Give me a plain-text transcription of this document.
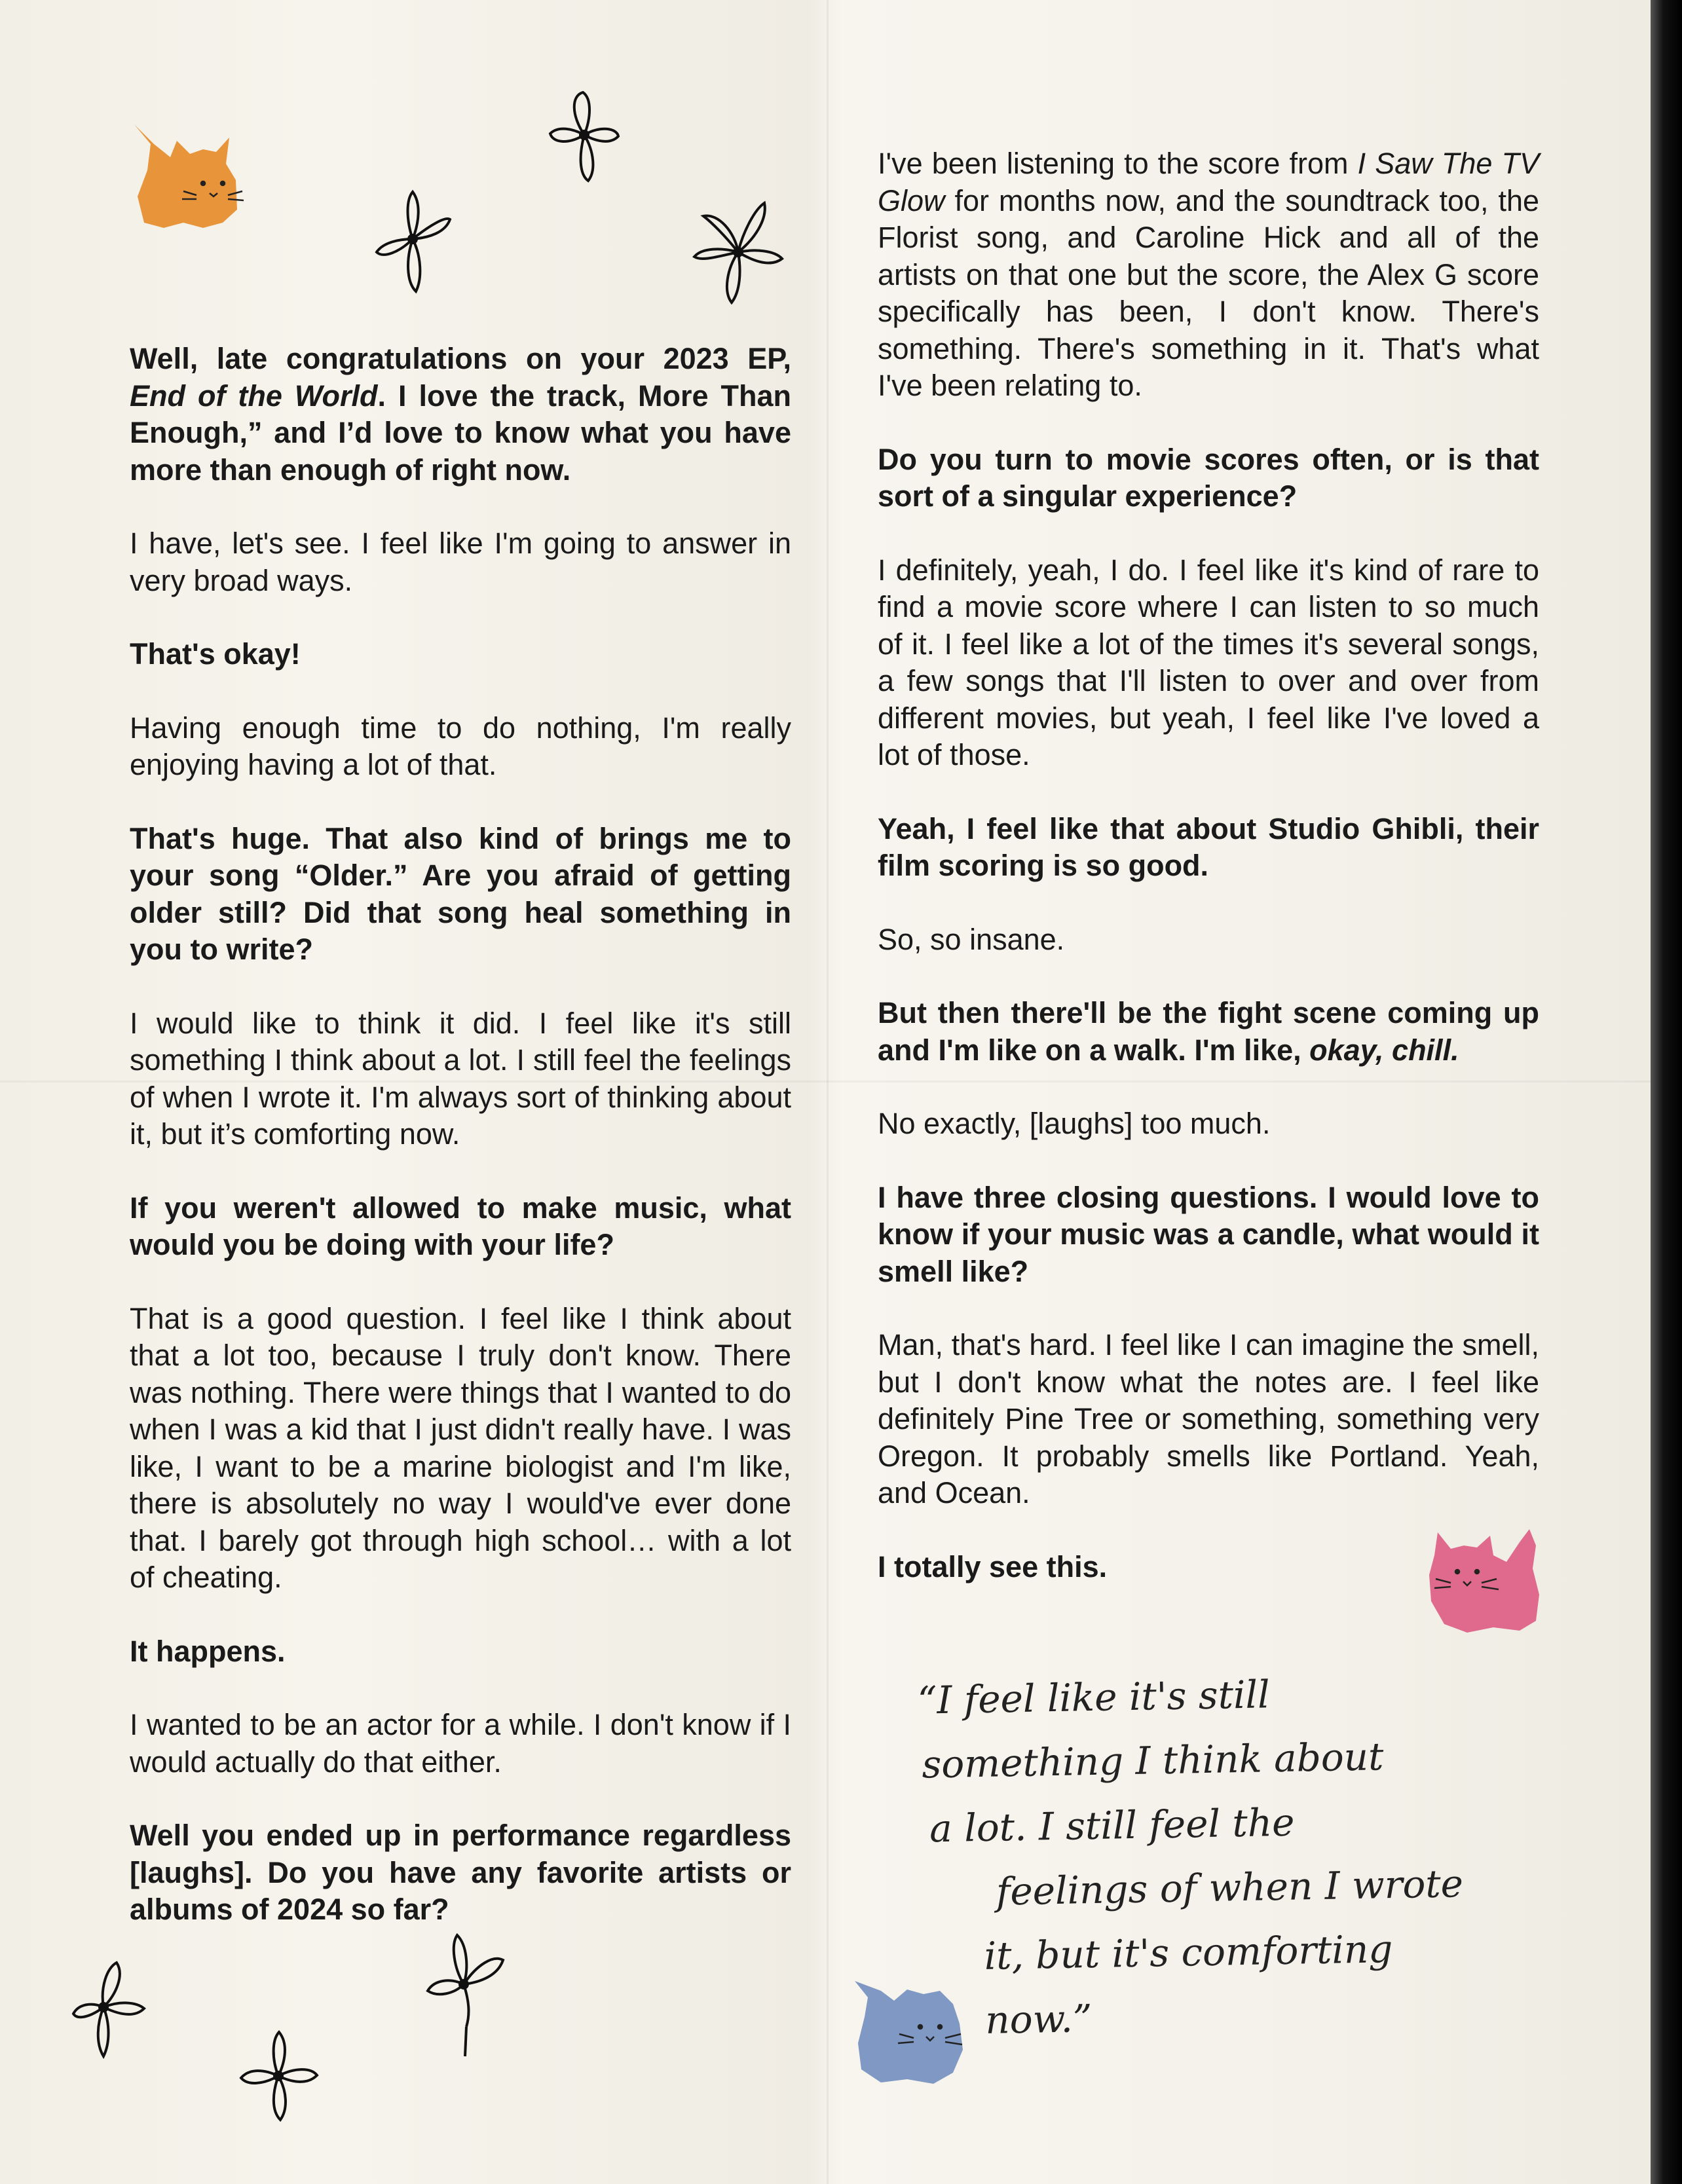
Well, late congratulations on your 2023 EP, End of the World. I love the track, More Than Enough,” and I’d love to know what you have more than enough of right now.

I have, let's see. I feel like I'm going to answer in very broad ways.

That's okay!

Having enough time to do nothing, I'm really enjoying having a lot of that.

That's huge. That also kind of brings me to your song “Older.” Are you afraid of getting older still? Did that song heal something in you to write?

I would like to think it did. I feel like it's still something I think about a lot. I still feel the feelings of when I wrote it. I'm always sort of thinking about it, but it’s comforting now.

If you weren't allowed to make music, what would you be doing with your life?

That is a good question. I feel like I think about that a lot too, because I truly don't know. There was nothing. There were things that I wanted to do when I was a kid that I just didn't really have. I was like, I want to be a marine biologist and I'm like, there is absolutely no way I would've ever done that. I barely got through high school… with a lot of cheating.

It happens.

I wanted to be an actor for a while. I don't know if I would actually do that either.

Well you ended up in performance regardless [laughs]. Do you have any favorite artists or albums of 2024 so far?

I've been listening to the score from I Saw The TV Glow for months now, and the soundtrack too, the Florist song, and Caroline Hick and all of the artists on that one but the score, the Alex G score specifically has been, I don't know. There's something. There's something in it. That's what I've been relating to.

Do you turn to movie scores often, or is that sort of a singular experience?

I definitely, yeah, I do. I feel like it's kind of rare to find a movie score where I can listen to so much of it. I feel like a lot of the times it's several songs, a few songs that I'll listen to over and over from different movies, but yeah, I feel like I've loved a lot of those.

Yeah, I feel like that about Studio Ghibli, their film scoring is so good.

So, so insane.

But then there'll be the fight scene coming up and I'm like on a walk. I'm like, okay, chill.

No exactly, [laughs] too much.

I have three closing questions. I would love to know if your music was a candle, what would it smell like?

Man, that's hard. I feel like I can imagine the smell, but I don't know what the notes are. I feel like definitely Pine Tree or something, something very Oregon. It probably smells like Portland. Yeah, and Ocean.

I totally see this.

“I feel like it's still
something I think about
a lot. I still feel the
feelings of when I wrote
it, but it's comforting now.”
